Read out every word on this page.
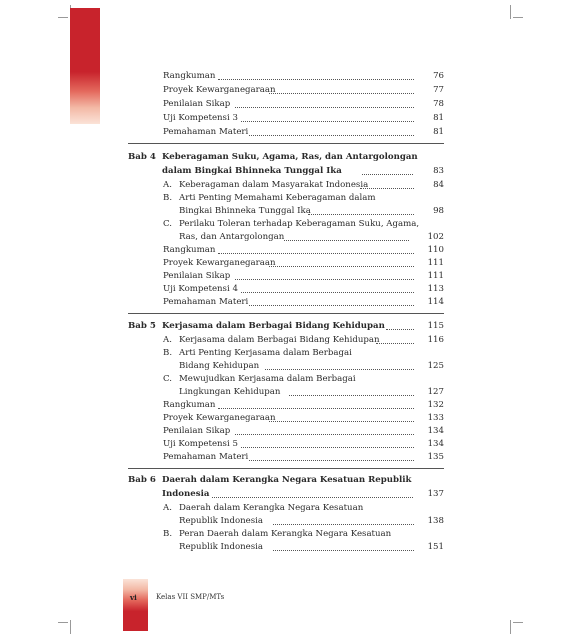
Rangkuman	76
Proyek Kewarganegaraan	77
Penilaian Sikap	78
Uji Kompetensi 3	81
Pemahaman Materi	81
Bab 4 Keberagaman Suku, Agama, Ras, dan Antargolongan
dalam Bingkai Bhinneka Tunggal Ika	83
A. Keberagaman dalam Masyarakat Indonesia	84
B. Arti Penting Memahami Keberagaman dalam
Bingkai Bhinneka Tunggal Ika	98
C. Perilaku Toleran terhadap Keberagaman Suku, Agama,
Ras, dan Antargolongan	102
Rangkuman	110
Proyek Kewarganegaraan	111
Penilaian Sikap	111
Uji Kompetensi 4	113
Pemahaman Materi	114
Bab 5 Kerjasama dalam Berbagai Bidang Kehidupan	115
A. Kerjasama dalam Berbagai Bidang Kehidupan	116
B. Arti Penting Kerjasama dalam Berbagai
Bidang Kehidupan	125
C. Mewujudkan Kerjasama dalam Berbagai
Lingkungan Kehidupan	127
Rangkuman	132
Proyek Kewarganegaraan	133
Penilaian Sikap	134
Uji Kompetensi 5	134
Pemahaman Materi	135
Bab 6 Daerah dalam Kerangka Negara Kesatuan Republik
Indonesia	137
A. Daerah dalam Kerangka Negara Kesatuan
Republik Indonesia	138
B. Peran Daerah dalam Kerangka Negara Kesatuan
Republik Indonesia	151
vi	Kelas VII SMP/MTs
